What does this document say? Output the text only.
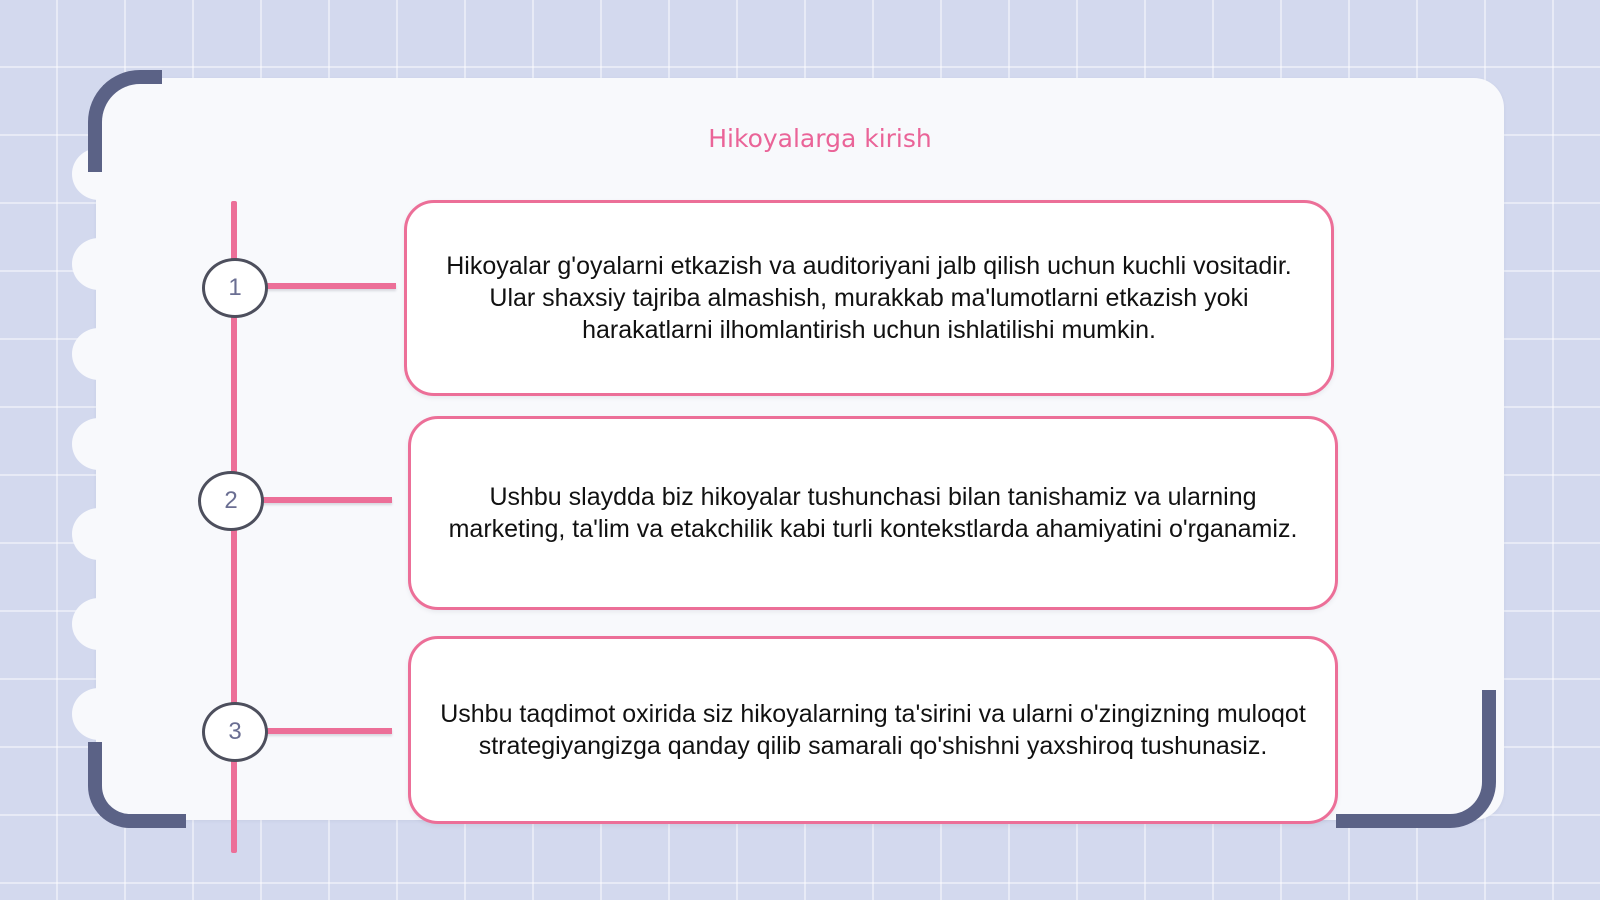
Hikoyalarga kirish
1
2
3
Hikoyalar g'oyalarni etkazish va auditoriyani jalb qilish uchun kuchli vositadir. Ular shaxsiy tajriba almashish, murakkab ma'lumotlarni etkazish yoki harakatlarni ilhomlantirish uchun ishlatilishi mumkin.
Ushbu slaydda biz hikoyalar tushunchasi bilan tanishamiz va ularning marketing, ta'lim va etakchilik kabi turli kontekstlarda ahamiyatini o'rganamiz.
Ushbu taqdimot oxirida siz hikoyalarning ta'sirini va ularni o'zingizning muloqot strategiyangizga qanday qilib samarali qo'shishni yaxshiroq tushunasiz.
